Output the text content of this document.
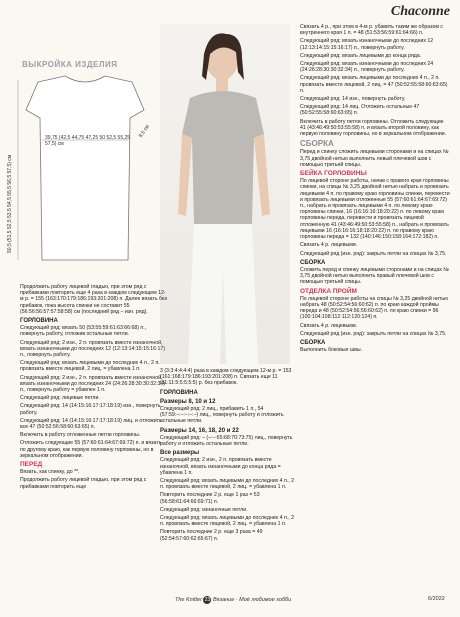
Chaconne
ВЫКРОЙКА ИЗДЕЛИЯ
39,75 (42,5 44,75 47,25 50 52,5 55,25 57,5) см
8,5 см
50,5 (51,5 52,5 53,5 54,5 55,5 56,5 57,5) см

Продолжить работу лицевой гладью, при этом ряд с прибавками повторить еще 4 раза в каждом следующем 12-м р. = 155 (163:170:179:186:193:201:208) п. Далее вязать без прибавок, пока высота спинки не составит 55 (56:56:56:57:57:58:58) см (последний ряд – изн. ряд).

ГОРЛОВИНА

Следующий ряд: вязать 50 (53:55:59:61:63:66:68) п., повернуть работу, отложив остальные петли.

Следующий ряд: 2 изн., 2 п. провязать вместе изнаночной, вязать изнаночными до последних 12 (12:13:14:15:15:16:17) п., повернуть работу.

Следующий ряд: вязать лицевыми до последних 4 п., 2 п. провязать вместе лицевой, 2 лиц. = убавлена 1 п.

Следующий ряд: 2 изн., 2 п. провязать вместе изнаночной, вязать изнаночными до последних 24 (24:26:28:30:30:32:34) п., повернуть работу = убавлен 1 п.

Следующий ряд: лицевые петли.

Следующий ряд: 14 (14:15:16:17:17:18:19) изн., повернуть работу.

Следующий ряд: 14 (14:15:16:17:17:18:19) лиц. и отложить все 47 (50:52:56:58:60:63:65) п.

Включить в работу отложенные петли горловины.

Отложить следующие 55 (57:60:61:64:67:69:72) п. и вязать по другому краю, как первую половину горловины, но в зеркальном отображении.

ПЕРЕД

Вязать, как спинку, до **.

Продолжить работу лицевой гладью, при этом ряд с прибавками повторить еще

3 (3:3:4:4:4:4) раза в каждом следующем 12-м р. = 153 (161:168:179:186:193:201:208) п. Связать еще 11 (11:11:5:5:5:5:5) р. без прибавок.

ГОРЛОВИНА
Размеры 8, 10 и 12

Следующий ряд: 2 лиц., прибавить 1 п., 54 (57:59:–:–:–:–:–) лиц., повернуть работу и отложить остальные петли.

Размеры 14, 16, 18, 20 и 22

Следующий ряд: – (–:–:65:68:70:73:75) лиц., повернуть работу и отложить остальные петли.

Все размеры

Следующий ряд: 2 изн., 2 п. провязать вместе изнаночной, вязать изнаночными до конца ряда = убавлена 1 п.

Следующий ряд: вязать лицевыми до последних 4 п., 2 п. провязать вместе лицевой, 2 лиц. = убавлена 1 п.

Повторить последние 2 р. еще 1 раз = 53 (56:58:61:64:66:69:71) п.

Следующий ряд: изнаночные петли.

Следующий ряд: вязать лицевыми до последних 4 п., 2 п. провязать вместе лицевой, 2 лиц. = убавлена 1 п.

Повторить последние 2 р. еще 3 раза = 49 (52:54:57:60:62:65:67) п.

Связать 4 р., при этом в 4-м р. убавить таким же образом с внутреннего края 1 п. = 48 (51:53:56:59:61:64:66) п.

Следующий ряд: вязать изнаночными до последних 12 (12:13:14:15:15:16:17) п., повернуть работу.

Следующий ряд: вязать лицевыми до конца ряда.

Следующий ряд: вязать изнаночными до последних 24 (24:26:28:30:30:32:34) п., повернуть работу.

Следующий ряд: вязать лицевыми до последних 4 п., 2 п. провязать вместе лицевой, 2 лиц. = 47 (50:52:55:58:60:63:65) п.

Следующий ряд: 14 изн., повернуть работу.

Следующий ряд: 14 лиц. Отложить остальные 47 (50:52:55:58:60:63:65) п.

Включить в работу петли горловины. Отложить следующие 41 (43:46:49:50:53:55:58) п. и вязать второй половину, как первую половину горловины, но в зеркальном отображении.

СБОРКА

Перед и спинку сложить лицевыми сторонами и на спицах № 3,75 двойной нитью выполнить левый плечевой шов с помощью третьей спицы.

БЕЙКА ГОРЛОВИНЫ

По лицевой стороне работы, начав с правого края горловины спинки, на спицы № 3,25 двойной нитью набрать и провязать лицевыми 4 п. по правому краю горловины спинки, перевести и провязать лицевыми отложенные 55 (57:60:61:64:67:69:72) п., набрать и провязать лицевыми 4 п. по левому краю горловины спинки, 16 (16:16:16:18:20:22) п. по левому краю горловины переда, перевести и провязать лицевой отложенную 41 (43:46:49:50:53:55:58) п., набрать и провязать лицевыми 16 (16:16:16:18:18:20:22) п. по правому краю горловины переда = 132 (140:146:150:158:164:172:182) п.

Связать 4 р. лицевыми.

Следующий ряд (изн. ряд): закрыть петли на спицах № 3,75.

СБОРКА

Сложить перед и спинку лицевыми сторонами и на спицах № 3,75 двойной нитью выполнить правый плечевой шов с помощью третьей спицы.

ОТДЕЛКА ПРОЙМ

По лицевой стороне работы на спицы № 3,25 двойной нитью набрать 48 (50:52:54:56:60:62) п. по краю каждой проймы переда и 48 (50:52:54:56:56:60:62) п. по краю спинки = 96 (100:104:108:112:112:120:124) п.

Связать 4 р. лицевыми.

Следующий ряд (изн. ряд): закрыть петли на спицах № 3,75.

СБОРКА

Выполнить боковые швы.

The Knitter 23 Вязание · Моё любимое хобби	6/2022
